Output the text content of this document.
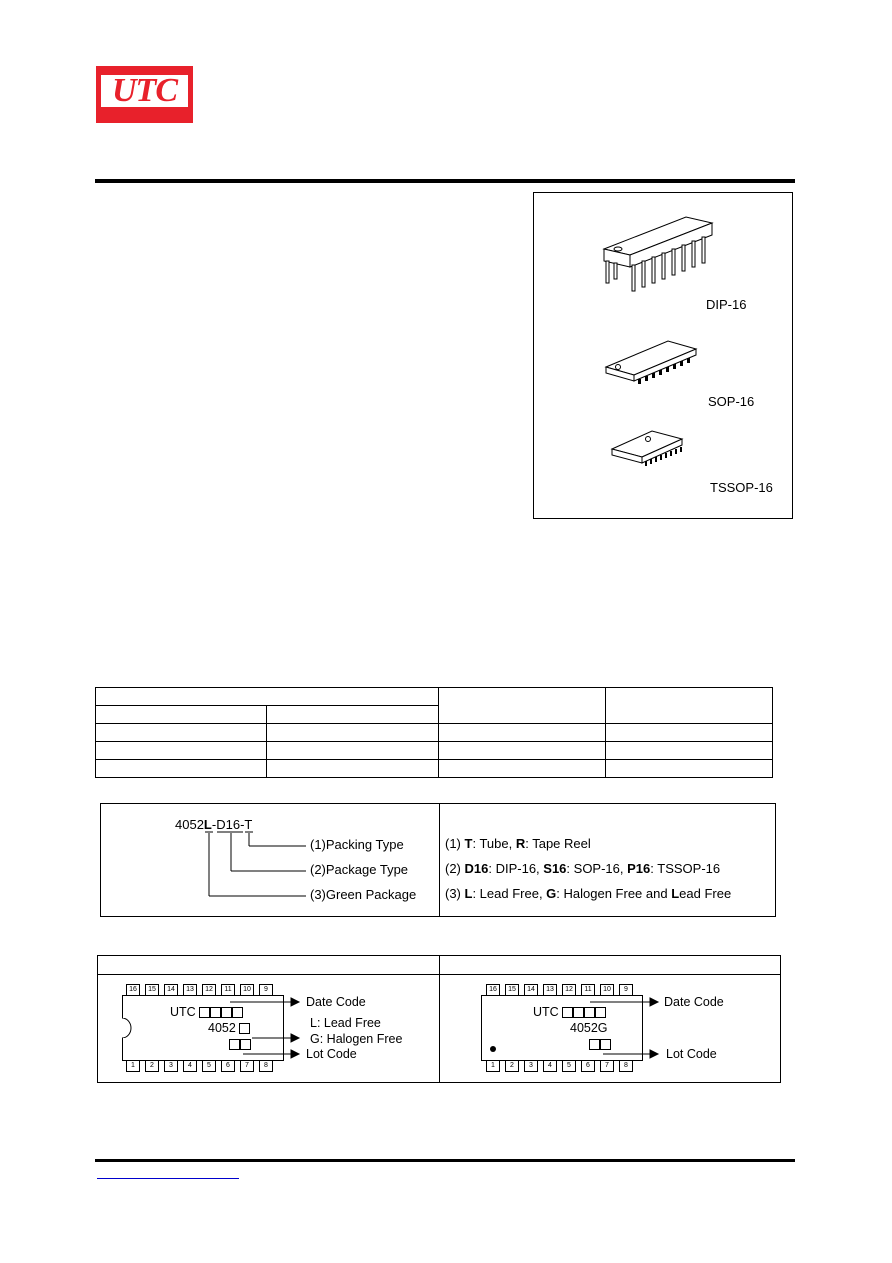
UTC
DIP-16
SOP-16
TSSOP-16

4052L-D16-T
(1)Packing Type
(2)Package Type
(3)Green Package
(1) T: Tube, R: Tape Reel
(2) D16: DIP-16, S16: SOP-16, P16: TSSOP-16
(3) L: Lead Free, G: Halogen Free and Lead Free
16	15	14	13	12	11	10	9
1	2	3	4	5	6	7	8
UTC
4052
Date Code
L: Lead Free
G: Halogen Free
Lot Code
16	15	14	13	12	11	10	9
1	2	3	4	5	6	7	8
UTC
4052G
Date Code
Lot Code
